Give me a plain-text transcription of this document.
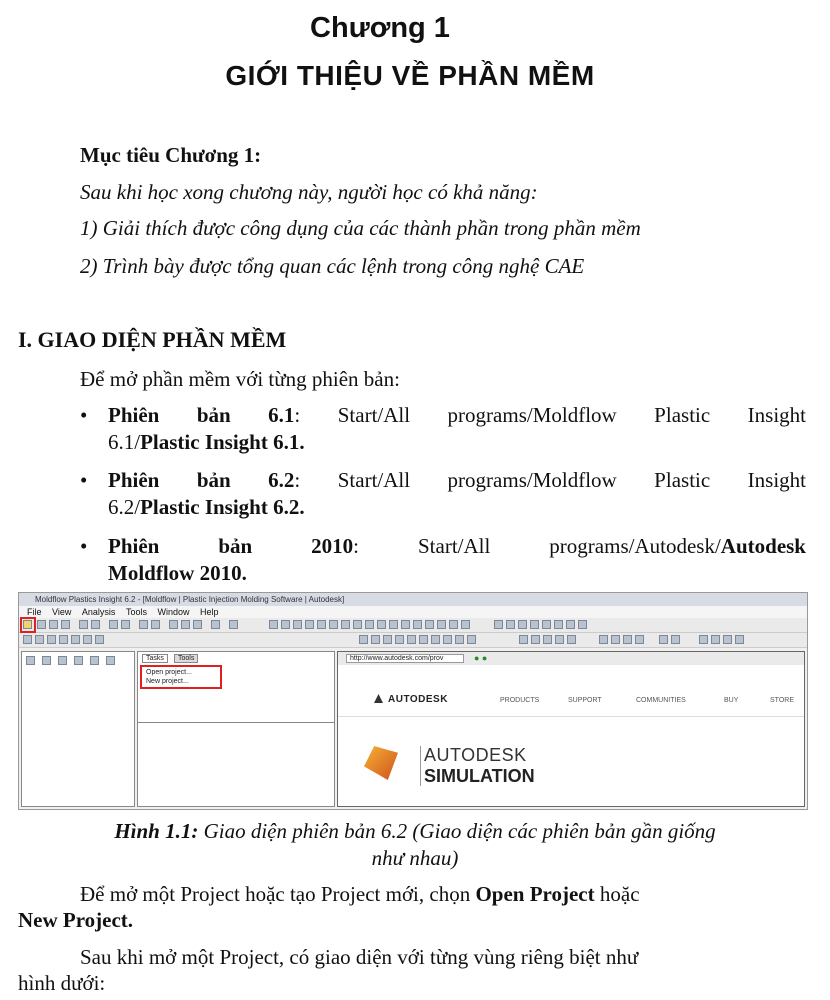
Chương 1
GIỚI THIỆU VỀ PHẦN MỀM
Mục tiêu Chương 1:
Sau khi học xong chương này, người học có khả năng:
1) Giải thích được công dụng của các thành phần trong phần mềm
2) Trình bày được tổng quan các lệnh trong công nghệ CAE
I. GIAO DIỆN PHẦN MỀM
Để mở phần mềm với từng phiên bản:
• Phiên bản 6.1: Start/All programs/Moldflow Plastic Insight
6.1/Plastic Insight 6.1.
• Phiên bản 6.2: Start/All programs/Moldflow Plastic Insight
6.2/Plastic Insight 6.2.
• Phiên bản 2010: Start/All programs/Autodesk/Autodesk
Moldflow 2010.
Moldflow Plastics Insight 6.2 - [Moldflow | Plastic Injection Molding Software | Autodesk]
File View Analysis Tools Window Help
Tasks	Tools
Open project...
New project...
http://www.autodesk.com/prov	● ●
AUTODESK	PRODUCTS	SUPPORT	COMMUNITIES	BUY	STORE
AUTODESK
SIMULATION
Hình 1.1: Giao diện phiên bản 6.2 (Giao diện các phiên bản gần giống
như nhau)
Để mở một Project hoặc tạo Project mới, chọn Open Project hoặc
New Project.
Sau khi mở một Project, có giao diện với từng vùng riêng biệt như
hình dưới:
